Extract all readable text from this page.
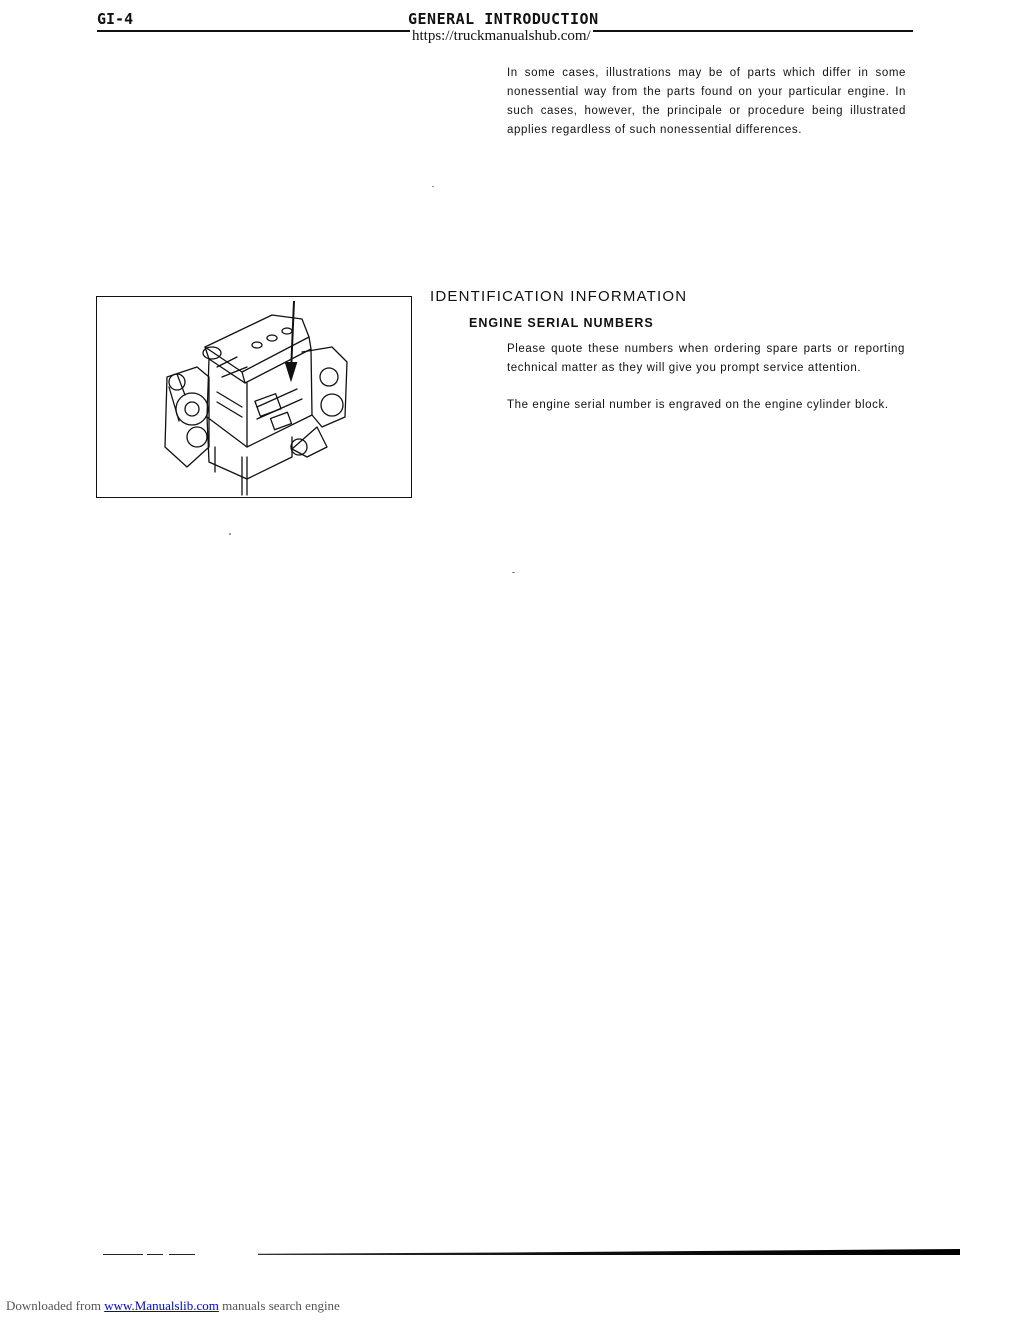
GI-4	GENERAL INTRODUCTION
https://truckmanualshub.com/
In some cases, illustrations may be of parts which differ in some nonessential way from the parts found on your particular engine. In such cases, however, the principale or procedure being illustrated applies regardless of such nonessential differences.
IDENTIFICATION INFORMATION
ENGINE SERIAL NUMBERS
Please quote these numbers when ordering spare parts or reporting technical matter as they will give you prompt service attention.
The engine serial number is engraved on the engine cylinder block.
Downloaded from www.Manualslib.com manuals search engine
